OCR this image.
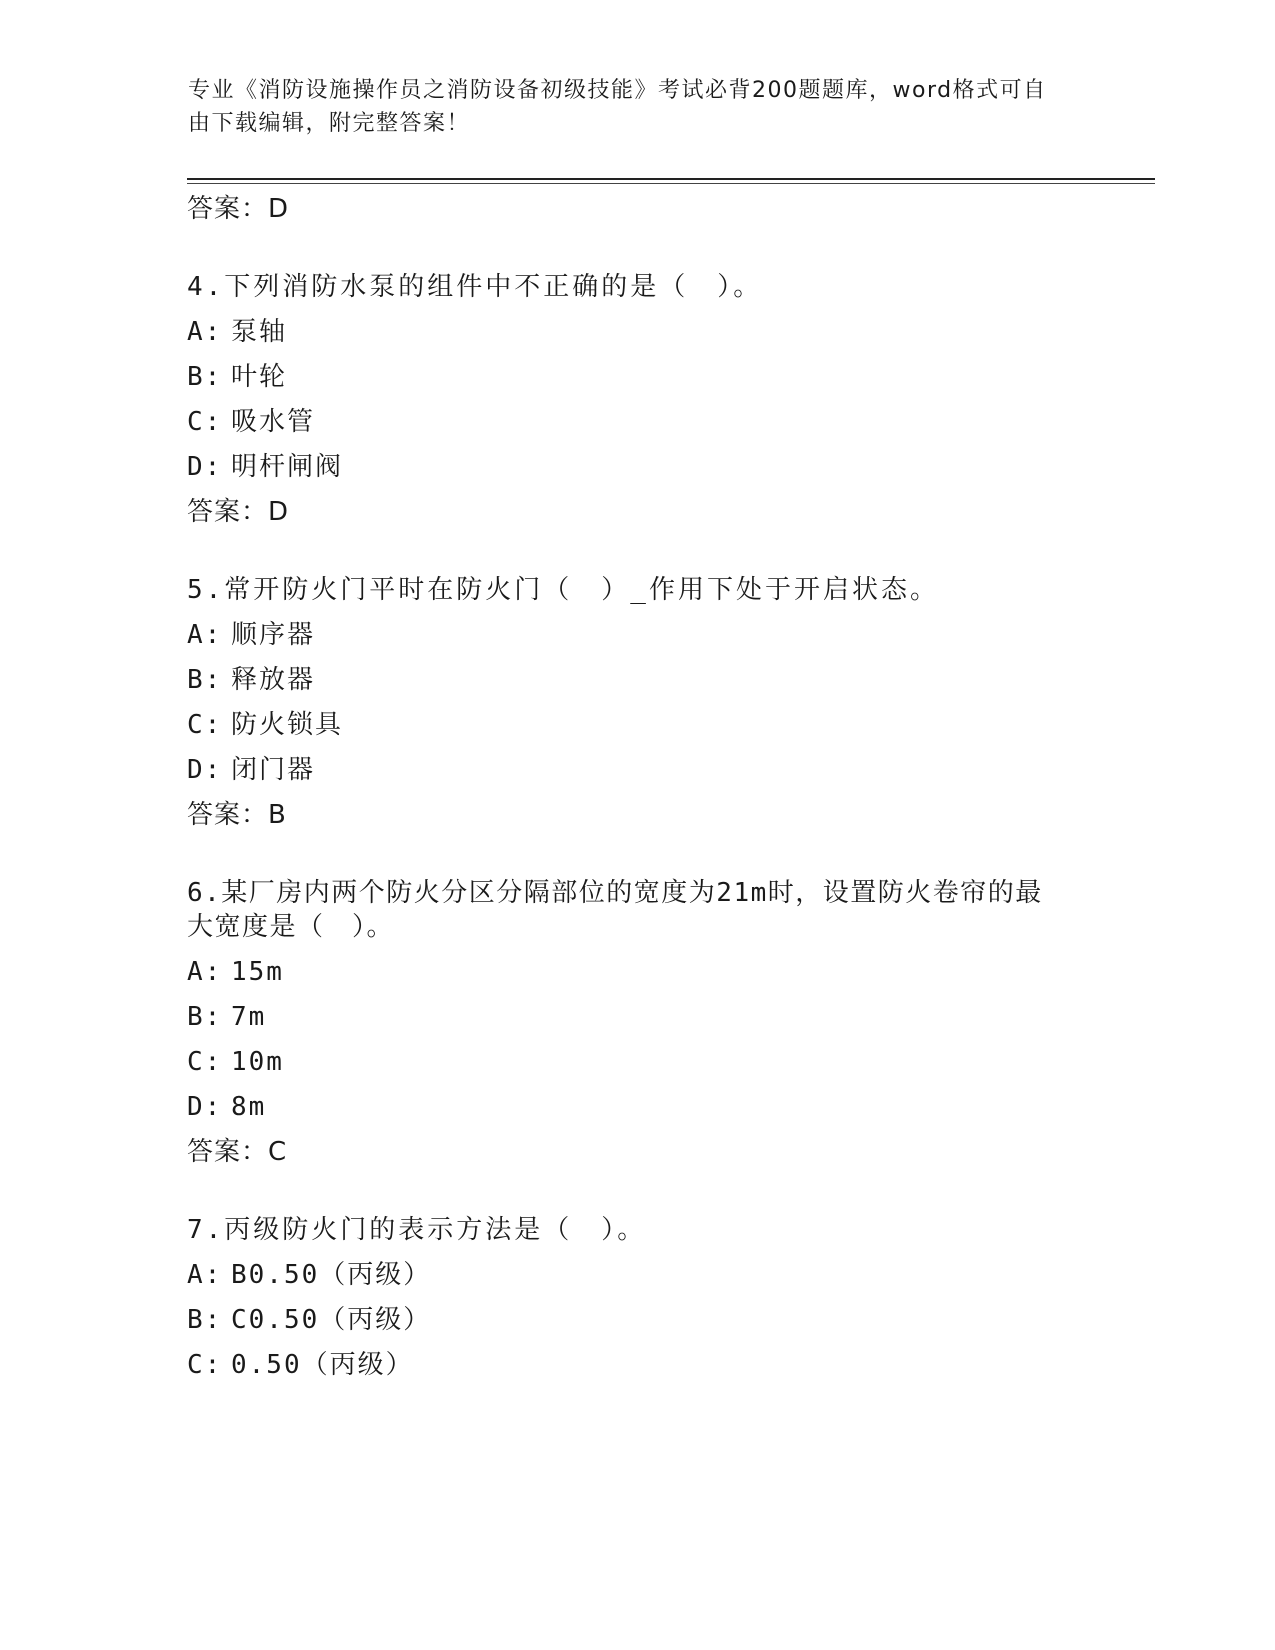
专业《消防设施操作员之消防设备初级技能》考试必背200题题库，word格式可自由下载编辑，附完整答案！
答案：D
4.下列消防水泵的组件中不正确的是（　）。
A: 泵轴
B: 叶轮
C: 吸水管
D: 明杆闸阀
答案：D
5.常开防火门平时在防火门（　）_作用下处于开启状态。
A: 顺序器
B: 释放器
C: 防火锁具
D: 闭门器
答案：B
6.某厂房内两个防火分区分隔部位的宽度为21m时，设置防火卷帘的最大宽度是（　）。
A: 15m
B: 7m
C: 10m
D: 8m
答案：C
7.丙级防火门的表示方法是（　）。
A: B0.50（丙级）
B: C0.50（丙级）
C: 0.50（丙级）
